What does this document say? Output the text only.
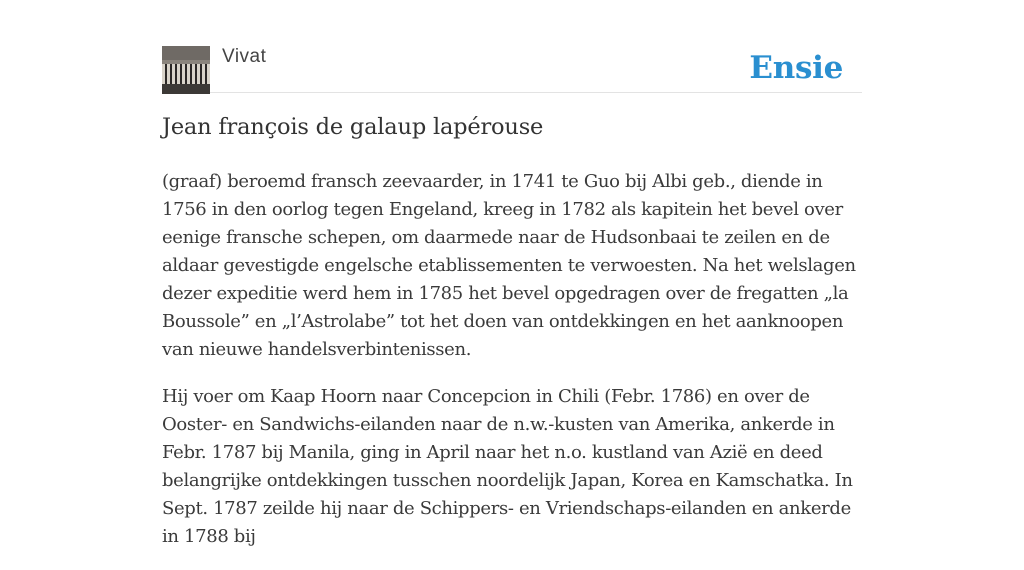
Vivat	Ensie
Jean françois de galaup lapérouse

(graaf) beroemd fransch zeevaarder, in 1741 te Guo bij Albi geb., diende in 1756 in den oorlog tegen Engeland, kreeg in 1782 als kapitein het bevel over eenige fransche schepen, om daarmede naar de Hudsonbaai te zeilen en de aldaar gevestigde engelsche etablissementen te verwoesten. Na het welslagen dezer expeditie werd hem in 1785 het bevel opgedragen over de fregatten „la Boussole” en „l’Astrolabe” tot het doen van ontdekkingen en het aanknoopen van nieuwe handelsverbintenissen.

Hij voer om Kaap Hoorn naar Concepcion in Chili (Febr. 1786) en over de Ooster- en Sandwichs-eilanden naar de n.w.-kusten van Amerika, ankerde in Febr. 1787 bij Manila, ging in April naar het n.o. kustland van Azië en deed belangrijke ontdekkingen tusschen noordelijk Japan, Korea en Kamschatka. In Sept. 1787 zeilde hij naar de Schippers- en Vriendschaps-eilanden en ankerde in 1788 bij
